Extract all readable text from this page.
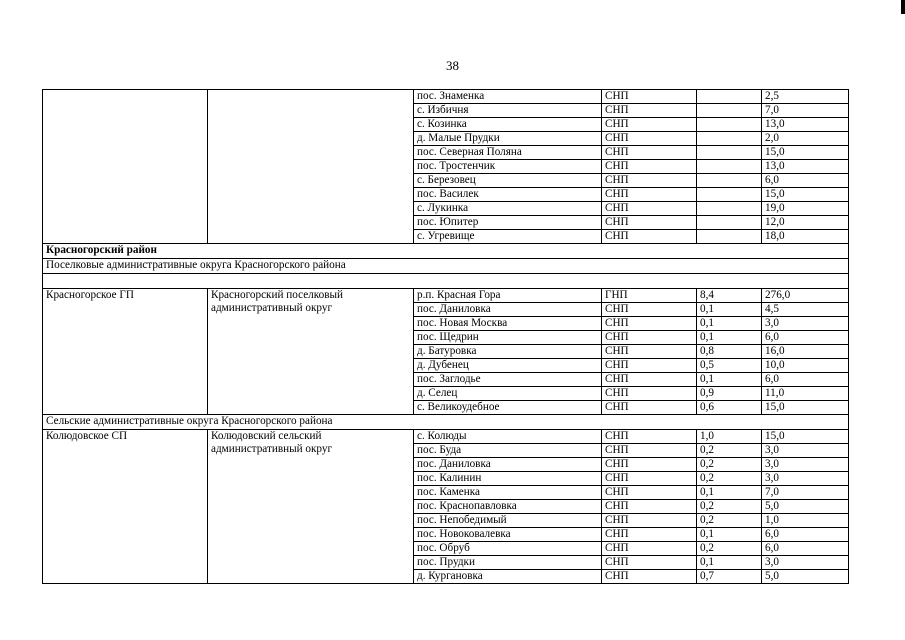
38
		пос. Знаменка	СНП		2,5
		с. Избичня	СНП		7,0
		с. Козинка	СНП		13,0
		д. Малые Прудки	СНП		2,0
		пос. Северная Поляна	СНП		15,0
		пос. Тростенчик	СНП		13,0
		с. Березовец	СНП		6,0
		пос. Василек	СНП		15,0
		с. Лукинка	СНП		19,0
		пос. Юпитер	СНП		12,0
		с. Угревище	СНП		18,0
Красногорский район					
Поселковые административные округа Красногорского района					

Красногорское ГП	Красногорский поселковый административный округ	р.п. Красная Гора	ГНП	8,4	276,0
		пос. Даниловка	СНП	0,1	4,5
		пос. Новая Москва	СНП	0,1	3,0
		пос. Щедрин	СНП	0,1	6,0
		д. Батуровка	СНП	0,8	16,0
		д. Дубенец	СНП	0,5	10,0
		пос. Заглодье	СНП	0,1	6,0
		д. Селец	СНП	0,9	11,0
		с. Великоудебное	СНП	0,6	15,0
Сельские административные округа Красногорского района					
Колюдовское СП	Колюдовский сельский административный округ	с. Колюды	СНП	1,0	15,0
		пос. Буда	СНП	0,2	3,0
		пос. Даниловка	СНП	0,2	3,0
		пос. Калинин	СНП	0,2	3,0
		пос. Каменка	СНП	0,1	7,0
		пос. Краснопавловка	СНП	0,2	5,0
		пос. Непобедимый	СНП	0,2	1,0
		пос. Новоковалевка	СНП	0,1	6,0
		пос. Обруб	СНП	0,2	6,0
		пос. Прудки	СНП	0,1	3,0
		д. Кургановка	СНП	0,7	5,0
